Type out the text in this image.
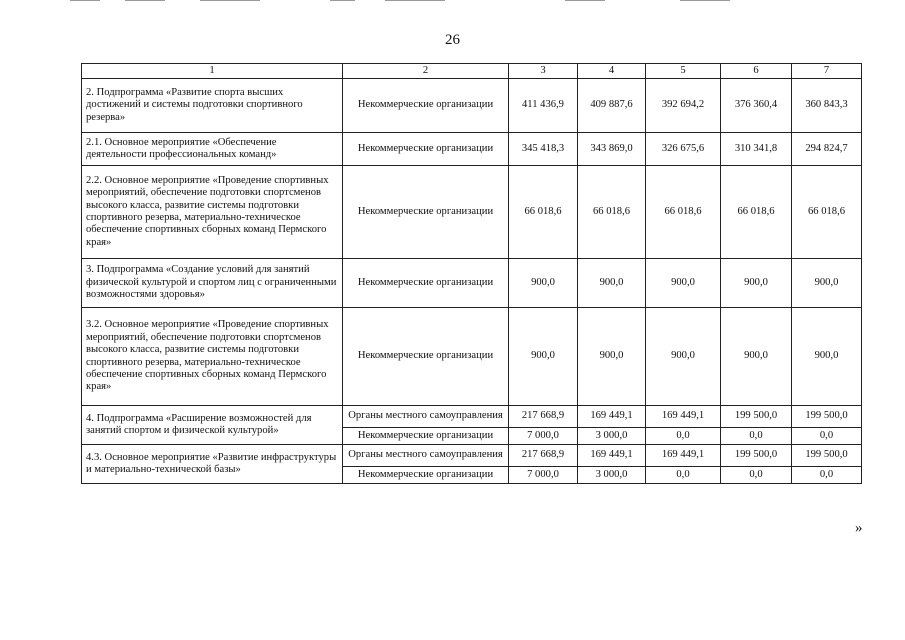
26
1	2	3	4	5	6	7
2. Подпрограмма «Развитие спорта высших достижений и системы подготовки спортивного резерва»	Некоммерческие организации	411 436,9	409 887,6	392 694,2	376 360,4	360 843,3
2.1. Основное мероприятие «Обеспечение деятельности профессиональных команд»	Некоммерческие организации	345 418,3	343 869,0	326 675,6	310 341,8	294 824,7
2.2. Основное мероприятие «Проведение спортивных мероприятий, обеспечение подготовки спортсменов высокого класса, развитие системы подготовки спортивного резерва, материально-техническое обеспечение спортивных сборных команд Пермского края»	Некоммерческие организации	66 018,6	66 018,6	66 018,6	66 018,6	66 018,6
3. Подпрограмма «Создание условий для занятий физической культурой и спортом лиц с ограниченными возможностями здоровья»	Некоммерческие организации	900,0	900,0	900,0	900,0	900,0
3.2. Основное мероприятие «Проведение спортивных мероприятий, обеспечение подготовки спортсменов высокого класса, развитие системы подготовки спортивного резерва, материально-техническое обеспечение спортивных сборных команд Пермского края»	Некоммерческие организации	900,0	900,0	900,0	900,0	900,0
4. Подпрограмма «Расширение возможностей для занятий спортом и физической культурой»	Органы местного самоуправления	217 668,9	169 449,1	169 449,1	199 500,0	199 500,0
	Некоммерческие организации	7 000,0	3 000,0	0,0	0,0	0,0
4.3. Основное мероприятие «Развитие инфраструктуры и материально-технической базы»	Органы местного самоуправления	217 668,9	169 449,1	169 449,1	199 500,0	199 500,0
	Некоммерческие организации	7 000,0	3 000,0	0,0	0,0	0,0
»
